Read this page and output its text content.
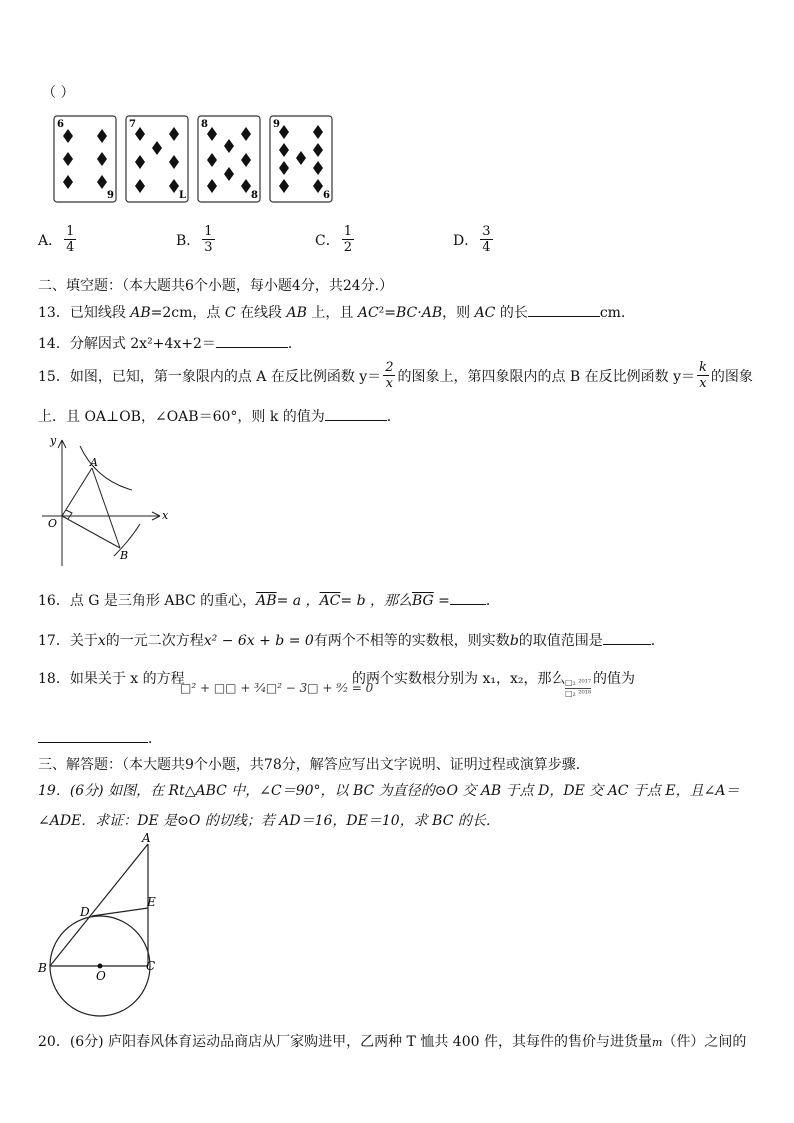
（ ）
6
9
7
L
8
8
9
6
A． $\frac{1}{4}$	B． $\frac{1}{3}$	C． $\frac{1}{2}$	D． $\frac{3}{4}$
二、填空题：（本大题共6个小题，每小题4分，共24分.）
13．已知线段 AB=2cm，点 C 在线段 AB 上，且 AC²=BC·AB，则 AC 的长	cm．
14．分解因式 2x²+4x+2＝	．
15．如图，已知，第一象限内的点 A 在反比例函数 $y= \frac{2}{x}$ 的图象上，第四象限内的点 B 在反比例函数 $y= \frac{k}{x}$ 的图象
上．且 OA⊥OB，∠OAB＝60°，则 k 的值为	．
y
x
O
A
B
16．点 G 是三角形 ABC 的重心，$\overline{AB}= a$ ，$\overline{AC}= b$ ，那么$\overline{BG}$ =	．
17．关于x的一元二次方程x² − 6x + b = 0有两个不相等的实数根，则实数b的取值范围是	．
18．如果关于 x 的方程
□² + □□ + ³⁄₄□² − 3□ + ⁹⁄₂ = 0
的两个实数根分别为 x₁，x₂，那么 □₂ ²⁰¹⁷
□₂ ²⁰¹⁸
的值为
．
三、解答题：（本大题共9个小题，共78分，解答应写出文字说明、证明过程或演算步骤．
19．(6分) 如图，在 Rt△ABC 中，∠C＝90°，以 BC 为直径的⊙O 交 AB 于点 D，DE 交 AC 于点 E，且∠A＝
∠ADE．求证：DE 是⊙O 的切线；若 AD＝16，DE＝10，求 BC 的长．
A
B	C
D
E
O
20．(6分) 庐阳春风体育运动品商店从厂家购进甲，乙两种 T 恤共 400 件，其每件的售价与进货量m（件）之间的
